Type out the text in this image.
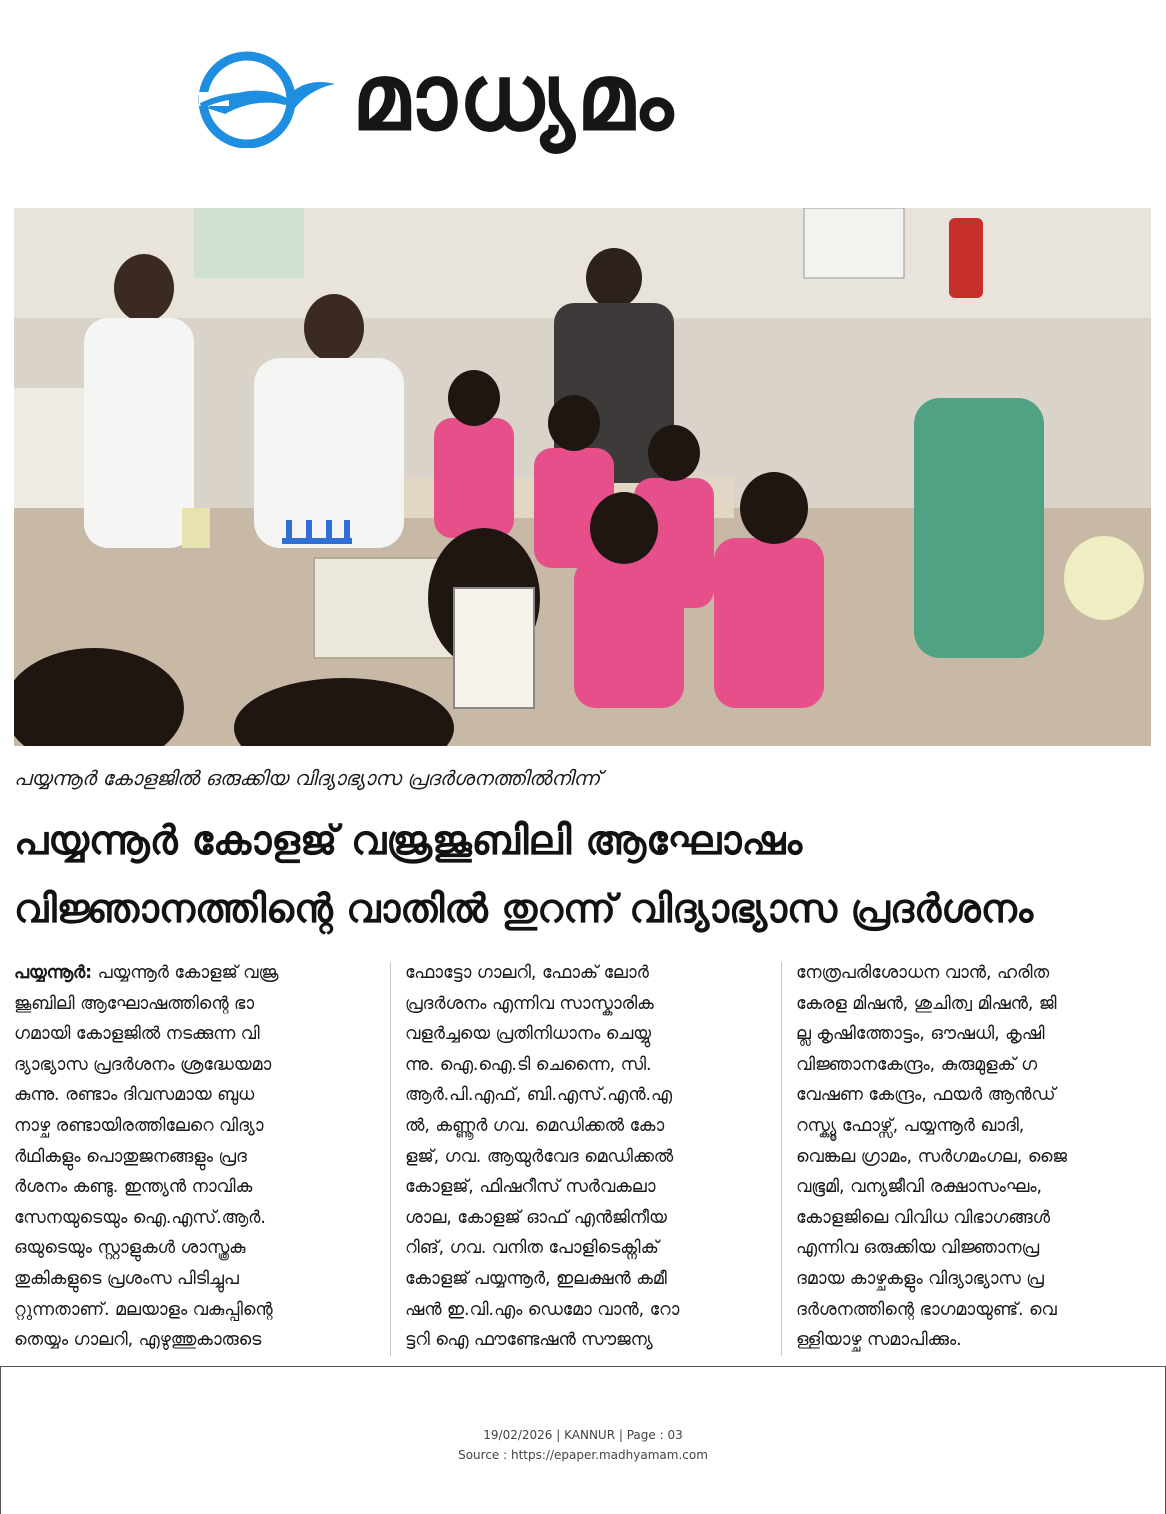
മാധ്യമം
പയ്യന്നൂർ കോളജിൽ ഒരുക്കിയ വിദ്യാഭ്യാസ പ്രദർശനത്തിൽനിന്ന്
പയ്യന്നൂർ കോളജ് വജ്രജൂബിലി ആഘോഷം
വിജ്ഞാനത്തിന്റെ വാതിൽ തുറന്ന് വിദ്യാഭ്യാസ പ്രദർശനം
പയ്യന്നൂർ: പയ്യന്നൂർ കോളജ് വജ്ര
ജൂബിലി ആഘോഷത്തിന്റെ ഭാ
ഗമായി കോളജിൽ നടക്കുന്ന വി
ദ്യാഭ്യാസ പ്രദർശനം ശ്രദ്ധേയമാ
കുന്നു. രണ്ടാം ദിവസമായ ബുധ
നാഴ്ച രണ്ടായിരത്തിലേറെ വിദ്യാ
ർഥികളും പൊതുജനങ്ങളും പ്രദ
ർശനം കണ്ടു. ഇന്ത്യൻ നാവിക
സേനയുടെയും ഐ.എസ്.ആർ.
ഒയുടെയും സ്റ്റാളുകൾ ശാസ്ത്രകു
തുകികളുടെ പ്രശംസ പിടിച്ചുപ
റ്റുന്നതാണ്. മലയാളം വകുപ്പിന്റെ
തെയ്യം ഗാലറി, എഴുത്തുകാരുടെ
ഫോട്ടോ ഗാലറി, ഫോക് ലോർ
പ്രദർശനം എന്നിവ സാസ്കാരിക
വളർച്ചയെ പ്രതിനിധാനം ചെയ്യു
ന്നു. ഐ.ഐ.ടി ചെന്നൈ, സി.
ആർ.പി.എഫ്, ബി.എസ്.എൻ.എ
ൽ, കണ്ണൂർ ഗവ. മെഡിക്കൽ കോ
ളജ്, ഗവ. ആയുർവേദ മെഡിക്കൽ
കോളജ്, ഫിഷറീസ് സർവകലാ
ശാല, കോളജ് ഓഫ് എൻജിനീയ
റിങ്, ഗവ. വനിത പോളിടെക്നിക്
കോളജ് പയ്യന്നൂർ, ഇലക്ഷൻ കമീ
ഷൻ ഇ.വി.എം ഡെമോ വാൻ, റോ
ട്ടറി ഐ ഫൗണ്ടേഷൻ സൗജന്യ
നേത്രപരിശോധന വാൻ, ഹരിത
കേരള മിഷൻ, ശുചിത്വ മിഷൻ, ജി
ല്ല കൃഷിത്തോട്ടം, ഔഷധി, കൃഷി
വിജ്ഞാനകേന്ദ്രം, കുരുമുളക് ഗ
വേഷണ കേന്ദ്രം, ഫയർ ആൻഡ്
റസ്ക്യൂ ഫോഴ്സ്, പയ്യന്നൂർ ഖാദി,
വെങ്കല ഗ്രാമം, സർഗമംഗല, ജൈ
വഭൂമി, വന്യജീവി രക്ഷാസംഘം,
കോളജിലെ വിവിധ വിഭാഗങ്ങൾ
എന്നിവ ഒരുക്കിയ വിജ്ഞാനപ്ര
ദമായ കാഴ്ചകളും വിദ്യാഭ്യാസ പ്ര
ദർശനത്തിന്റെ ഭാഗമായുണ്ട്. വെ
ള്ളിയാഴ്ച സമാപിക്കും.
19/02/2026 | KANNUR | Page : 03
Source : https://epaper.madhyamam.com
